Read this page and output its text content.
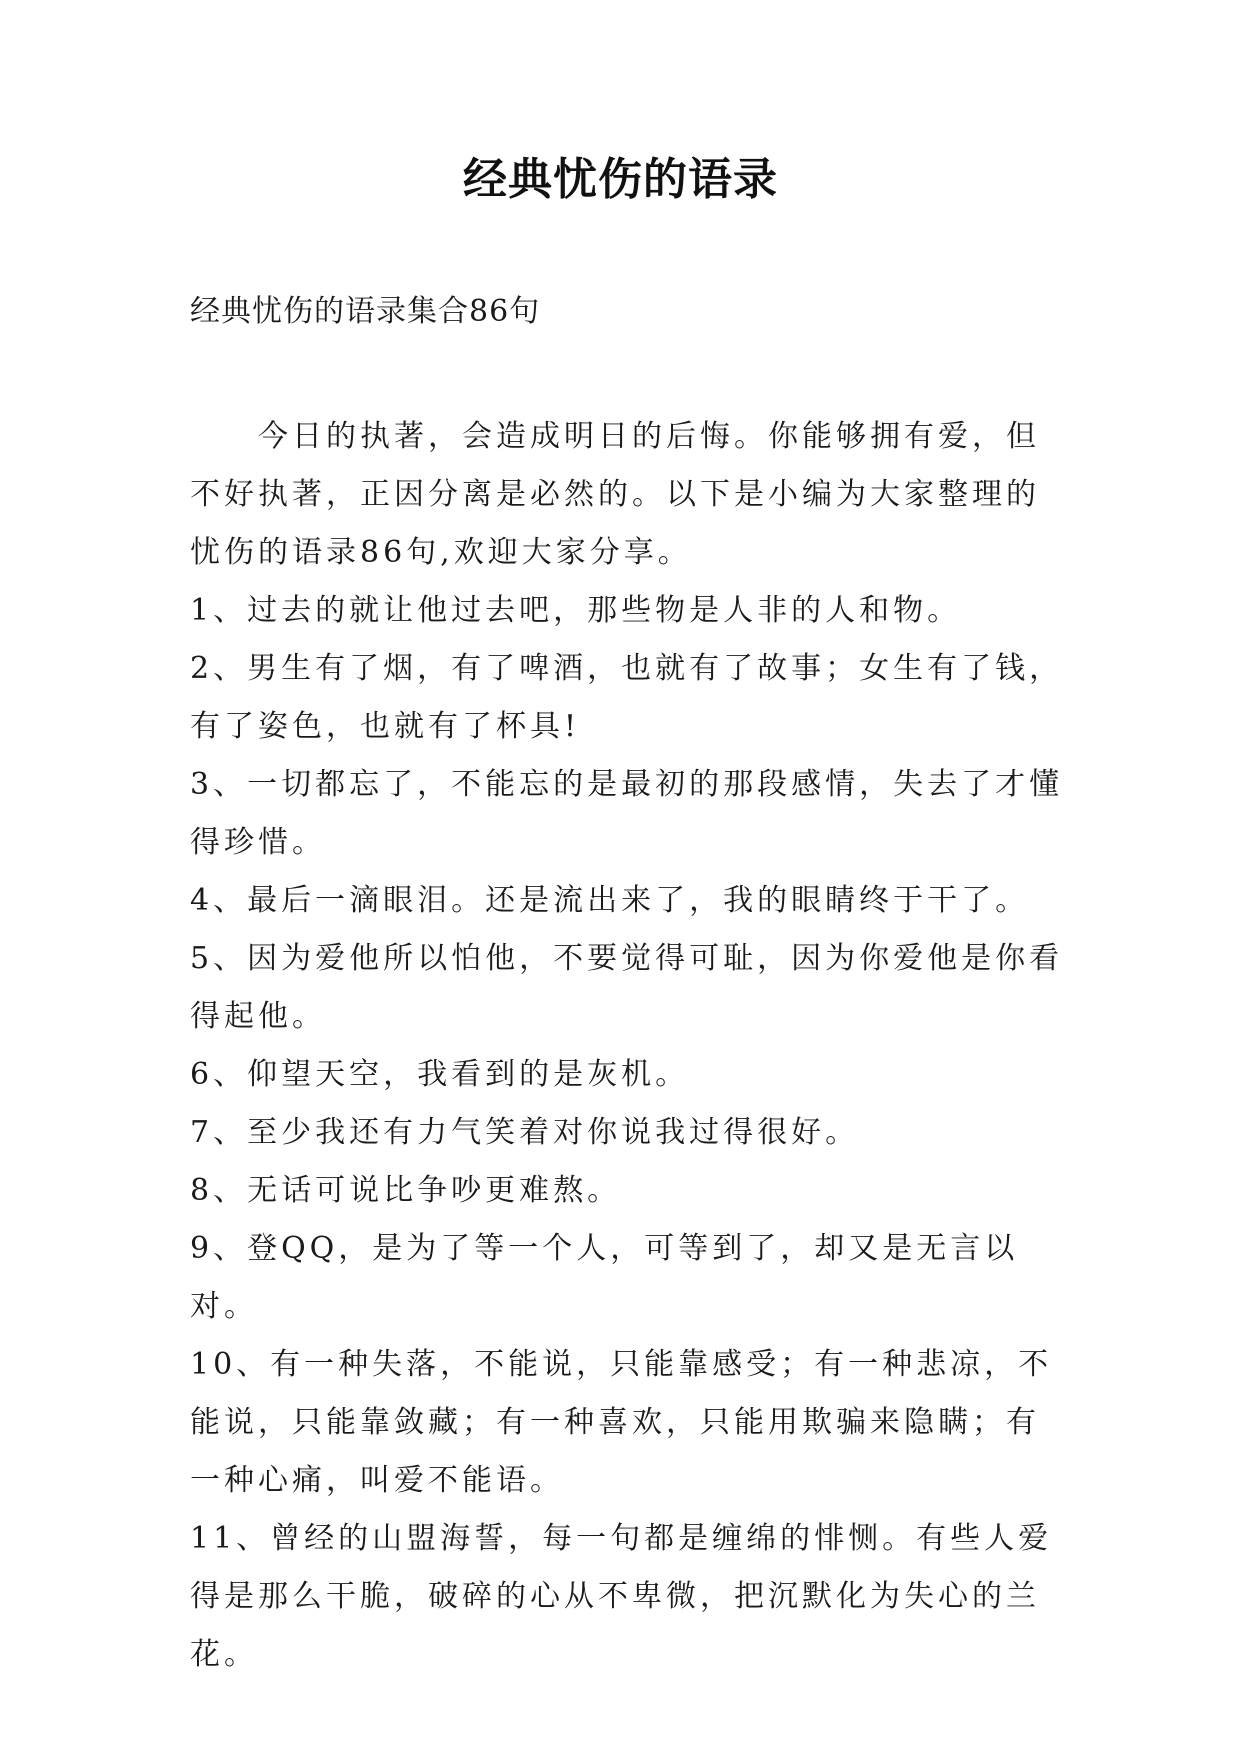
经典忧伤的语录
经典忧伤的语录集合86句

今日的执著，会造成明日的后悔。你能够拥有爱，但不好执著，正因分离是必然的。以下是小编为大家整理的忧伤的语录86句,欢迎大家分享。

1、过去的就让他过去吧，那些物是人非的人和物。

2、男生有了烟，有了啤酒，也就有了故事；女生有了钱，有了姿色，也就有了杯具!

3、一切都忘了，不能忘的是最初的那段感情，失去了才懂得珍惜。

4、最后一滴眼泪。还是流出来了，我的眼睛终于干了。

5、因为爱他所以怕他，不要觉得可耻，因为你爱他是你看得起他。

6、仰望天空，我看到的是灰机。

7、至少我还有力气笑着对你说我过得很好。

8、无话可说比争吵更难熬。

9、登QQ，是为了等一个人，可等到了，却又是无言以对。

10、有一种失落，不能说，只能靠感受；有一种悲凉，不能说，只能靠敛藏；有一种喜欢，只能用欺骗来隐瞒；有一种心痛，叫爱不能语。

11、曾经的山盟海誓，每一句都是缠绵的悱恻。有些人爱得是那么干脆，破碎的心从不卑微，把沉默化为失心的兰花。
